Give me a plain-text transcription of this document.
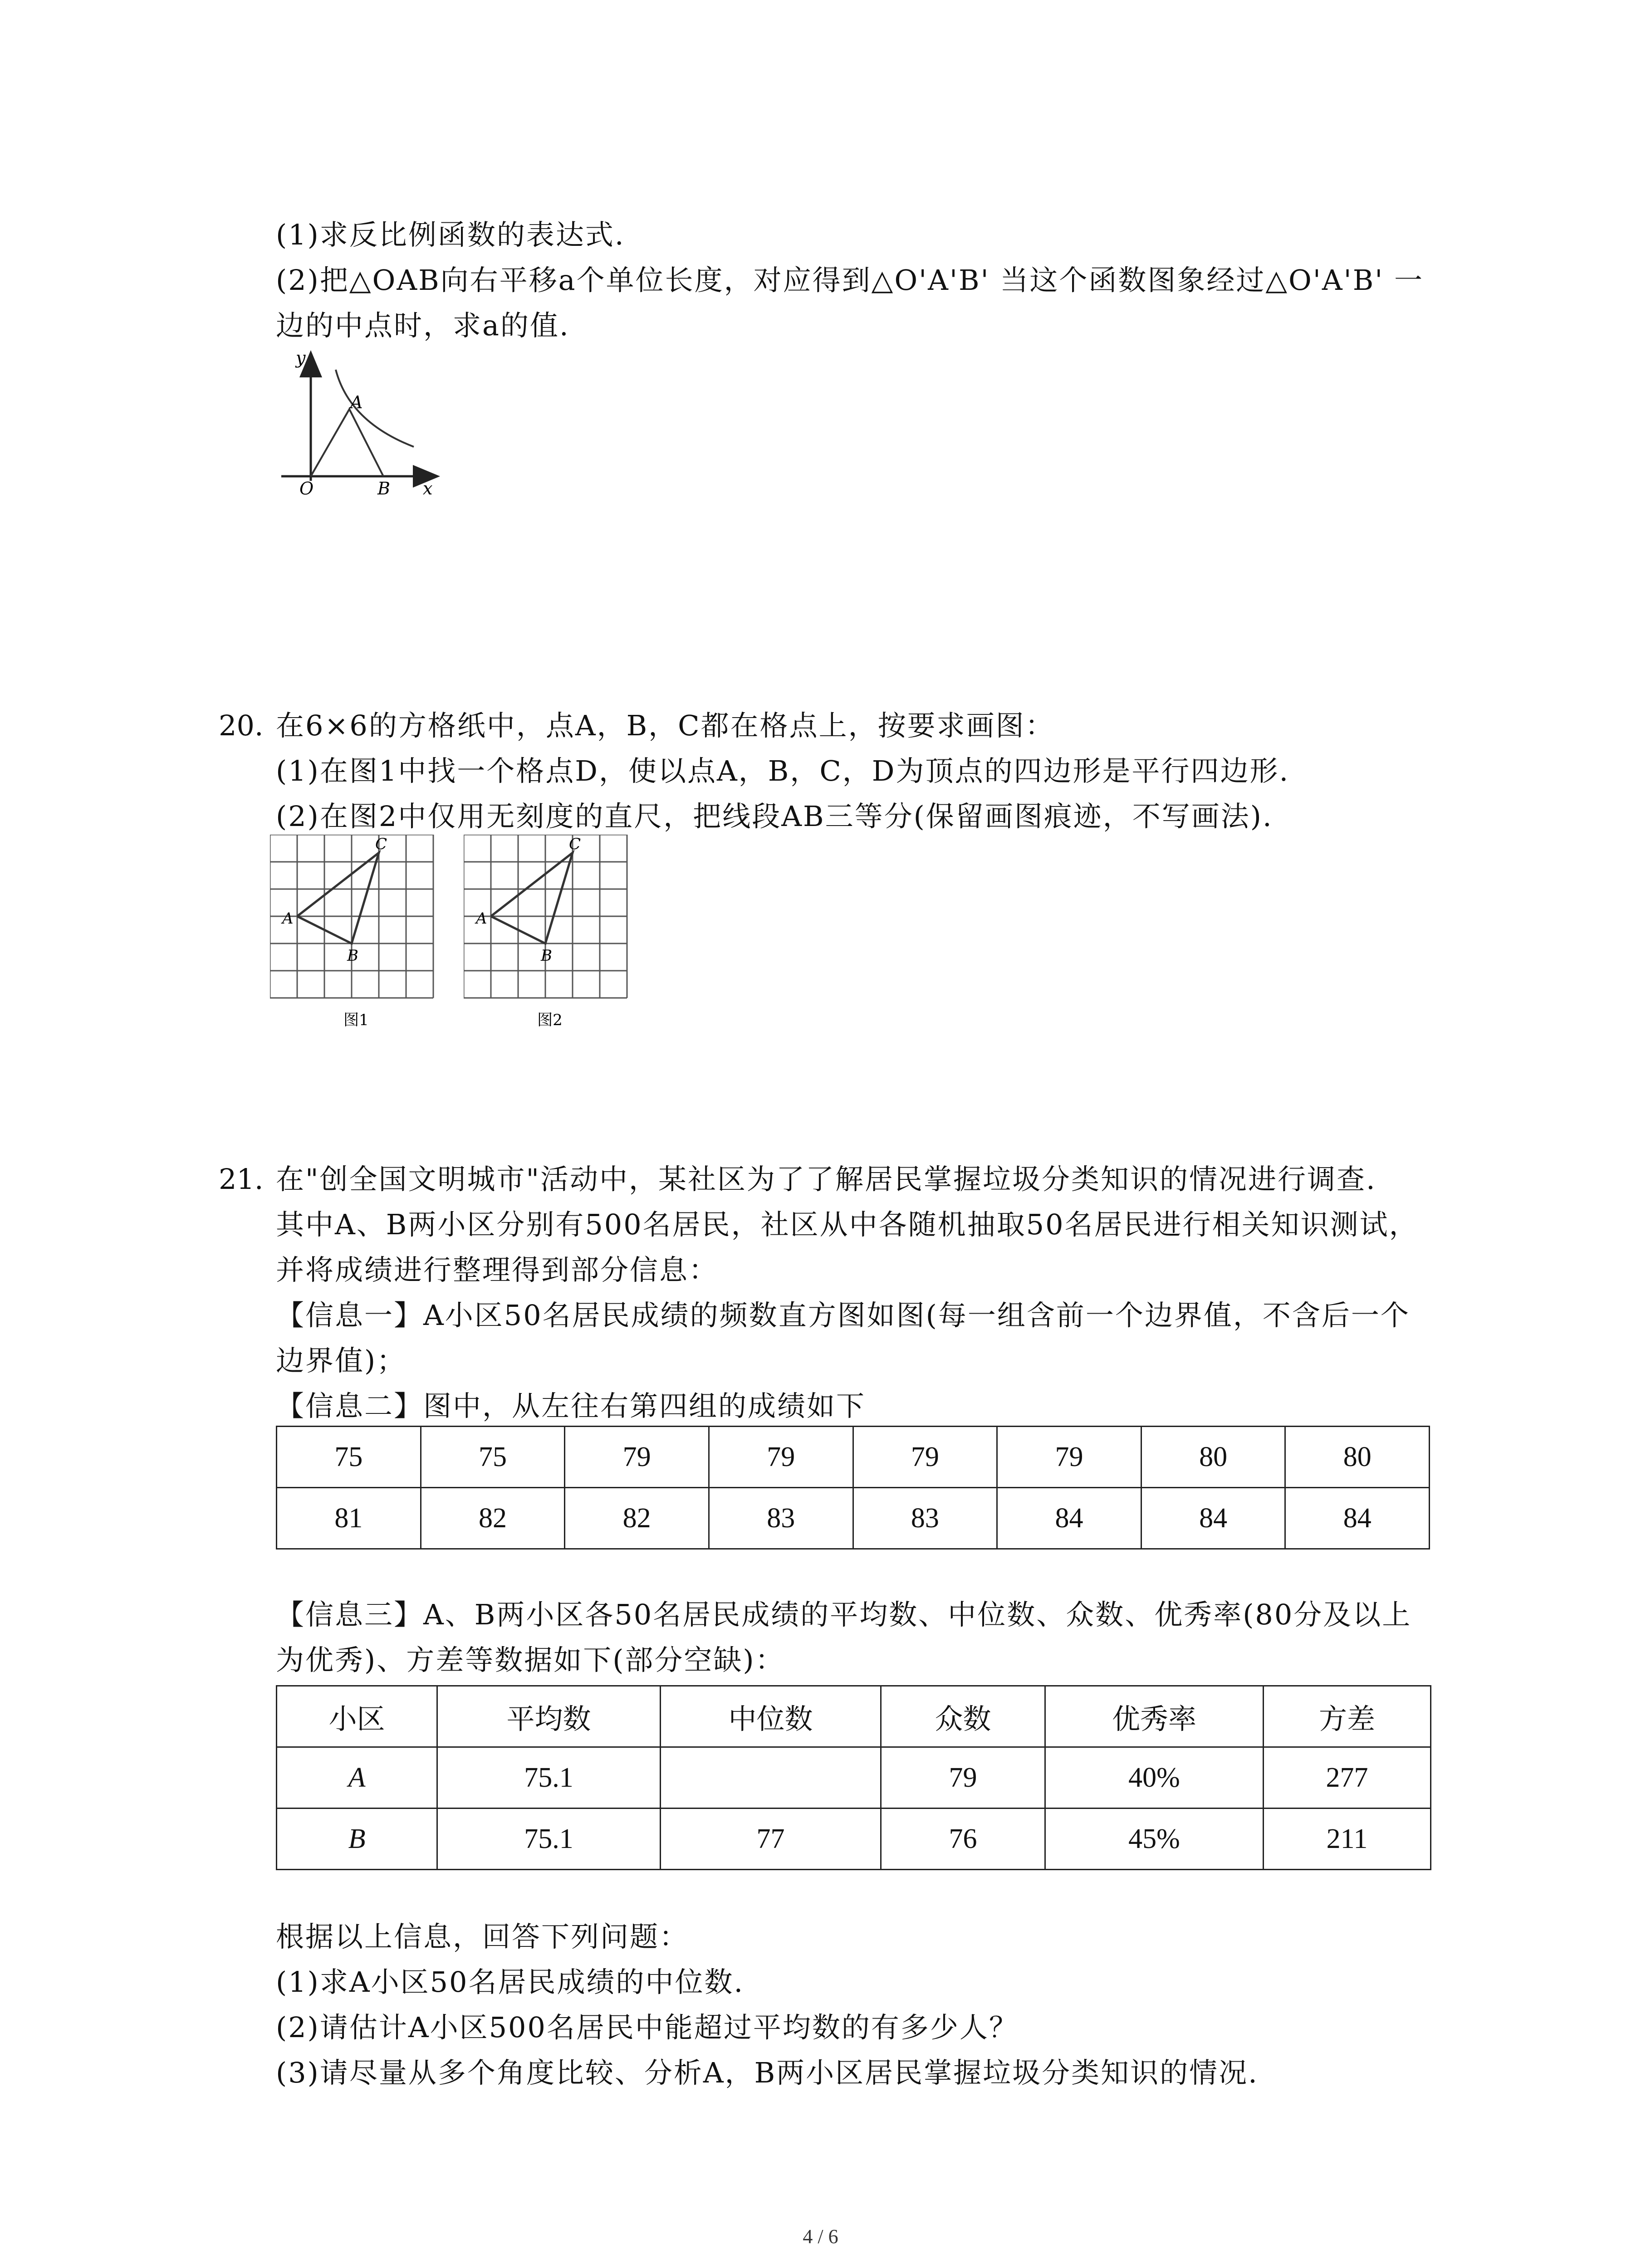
(1)求反比例函数的表达式.
(2)把△OAB向右平移a个单位长度，对应得到△O'A'B' 当这个函数图象经过△O'A'B' 一
边的中点时，求a的值.
y
x
O
A
B
20. 在6×6的方格纸中，点A，B，C都在格点上，按要求画图：
(1)在图1中找一个格点D，使以点A，B，C，D为顶点的四边形是平行四边形.
(2)在图2中仅用无刻度的直尺，把线段AB三等分(保留画图痕迹，不写画法).
A
B
C
图1
A
B
C
图2
21. 在"创全国文明城市"活动中，某社区为了了解居民掌握垃圾分类知识的情况进行调查.
其中A、B两小区分别有500名居民，社区从中各随机抽取50名居民进行相关知识测试，
并将成绩进行整理得到部分信息：
【信息一】A小区50名居民成绩的频数直方图如图(每一组含前一个边界值，不含后一个
边界值)；
【信息二】图中，从左往右第四组的成绩如下
75	75	79	79	79	79	80	80
81	82	82	83	83	84	84	84
【信息三】A、B两小区各50名居民成绩的平均数、中位数、众数、优秀率(80分及以上
为优秀)、方差等数据如下(部分空缺)：
小区	平均数	中位数	众数	优秀率	方差
A	75.1		79	40%	277
B	75.1	77	76	45%	211
根据以上信息，回答下列问题：
(1)求A小区50名居民成绩的中位数.
(2)请估计A小区500名居民中能超过平均数的有多少人？
(3)请尽量从多个角度比较、分析A，B两小区居民掌握垃圾分类知识的情况.
4 / 6
